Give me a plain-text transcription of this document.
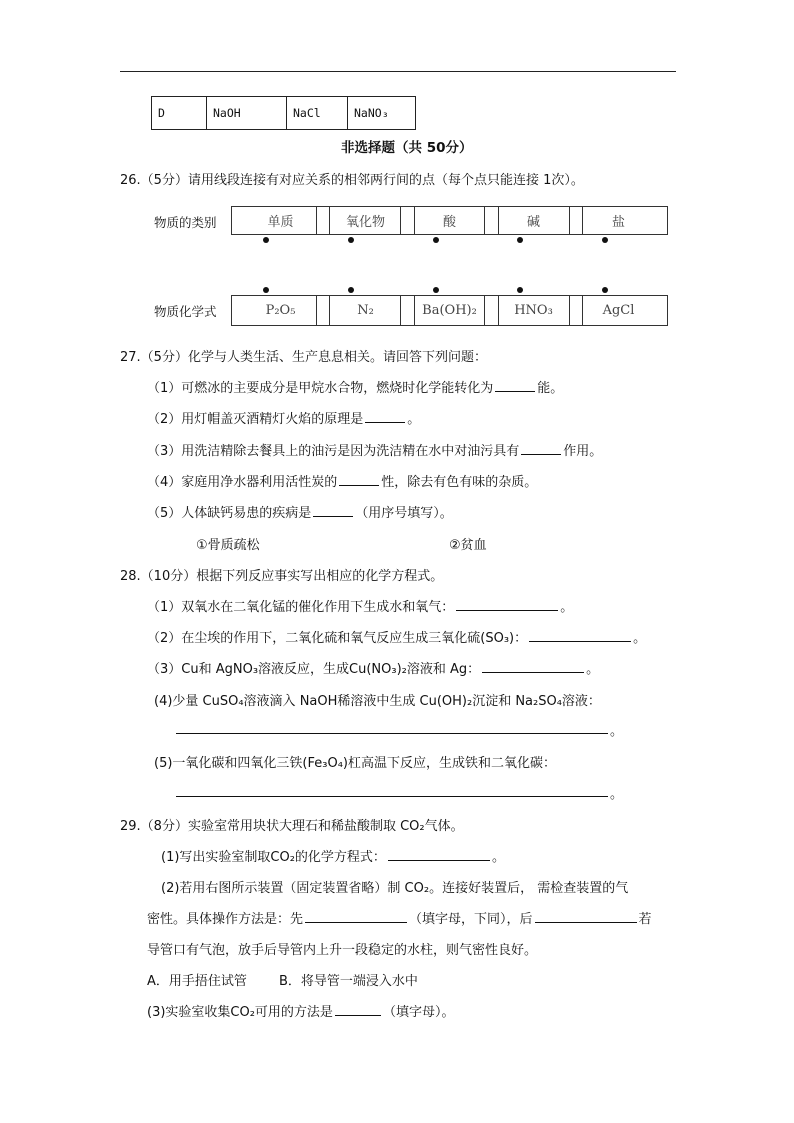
D	NaOH	NaCl	NaNO₃
非选择题（共 50分）
26.（5分）请用线段连接有对应关系的相邻两行间的点（每个点只能连接 1次）。
物质的类别
物质化学式
单质	氧化物	酸	碱	盐
P₂O₅	N₂	Ba(OH)₂	HNO₃	AgCl
27.（5分）化学与人类生活、生产息息相关。请回答下列问题：
（1）可燃冰的主要成分是甲烷水合物，燃烧时化学能转化为	能。
（2）用灯帽盖灭酒精灯火焰的原理是	。
（3）用洗洁精除去餐具上的油污是因为洗洁精在水中对油污具有	作用。
（4）家庭用净水器利用活性炭的	性，除去有色有味的杂质。
（5）人体缺钙易患的疾病是	（用序号填写）。
①骨质疏松	②贫血
28.（10分）根据下列反应事实写出相应的化学方程式。
（1）双氧水在二氧化锰的催化作用下生成水和氧气：	。
（2）在尘埃的作用下，二氧化硫和氧气反应生成三氧化硫(SO₃)：	。
（3）Cu和 AgNO₃溶液反应，生成Cu(NO₃)₂溶液和 Ag：	。
(4)少量 CuSO₄溶液滴入 NaOH稀溶液中生成 Cu(OH)₂沉淀和 Na₂SO₄溶液：
。
(5)一氧化碳和四氧化三铁(Fe₃O₄)杠高温下反应，生成铁和二氧化碳：
。
29.（8分）实验室常用块状大理石和稀盐酸制取 CO₂气体。
(1)写出实验室制取CO₂的化学方程式：	。
(2)若用右图所示装置（固定装置省略）制 CO₂。连接好装置后， 需检查装置的气
密性。具体操作方法是：先	（填字母，下同），后	若
导管口有气泡，放手后导管内上升一段稳定的水柱，则气密性良好。
A．用手捂住试管 B．将导管一端浸入水中
(3)实验室收集CO₂可用的方法是	（填字母）。
